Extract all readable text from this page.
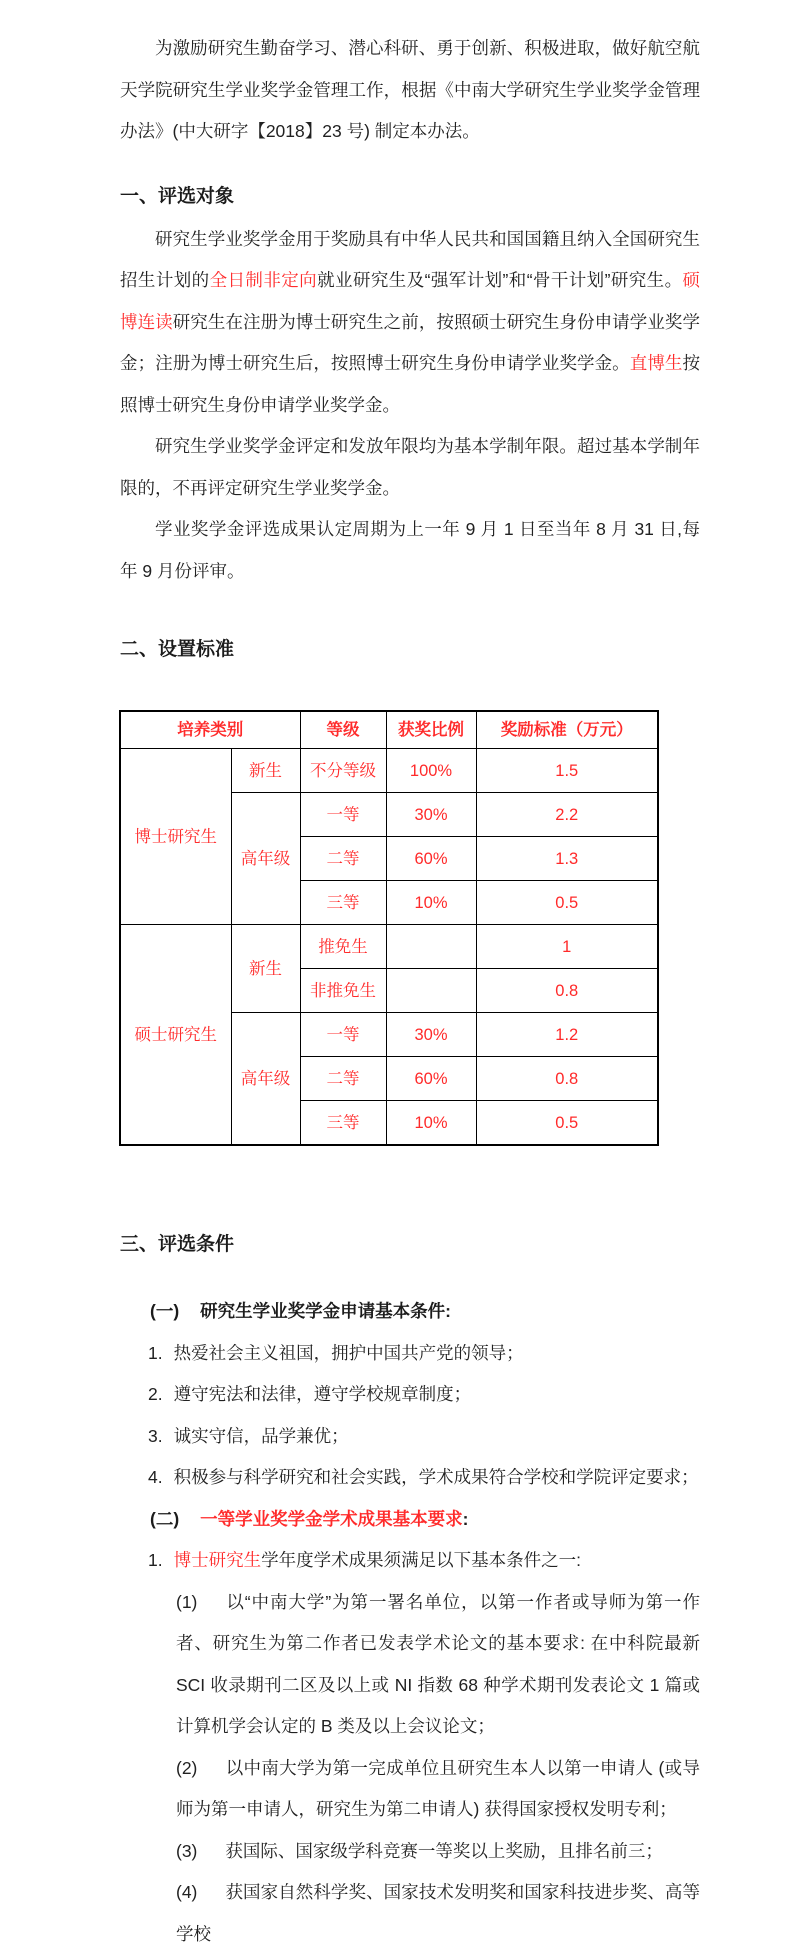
为激励研究生勤奋学习、潜心科研、勇于创新、积极进取，做好航空航天学院研究生学业奖学金管理工作，根据《中南大学研究生学业奖学金管理办法》(中大研字【2018】23 号) 制定本办法。

一、评选对象

研究生学业奖学金用于奖励具有中华人民共和国国籍且纳入全国研究生招生计划的全日制非定向就业研究生及“强军计划”和“骨干计划”研究生。硕博连读研究生在注册为博士研究生之前，按照硕士研究生身份申请学业奖学金；注册为博士研究生后，按照博士研究生身份申请学业奖学金。直博生按照博士研究生身份申请学业奖学金。

研究生学业奖学金评定和发放年限均为基本学制年限。超过基本学制年限的，不再评定研究生学业奖学金。

学业奖学金评选成果认定周期为上一年 9 月 1 日至当年 8 月 31 日,每年 9 月份评审。

二、设置标准

培养类别		等级	获奖比例	奖励标准（万元）
博士研究生	新生	不分等级	100%	1.5
	高年级	一等	30%	2.2
		二等	60%	1.3
		三等	10%	0.5
硕士研究生	新生	推免生		1
		非推免生		0.8
	高年级	一等	30%	1.2
		二等	60%	0.8
		三等	10%	0.5

三、评选条件

(一) 研究生学业奖学金申请基本条件:

1. 热爱社会主义祖国，拥护中国共产党的领导；

2. 遵守宪法和法律，遵守学校规章制度；

3. 诚实守信，品学兼优；

4. 积极参与科学研究和社会实践，学术成果符合学校和学院评定要求；

(二) 一等学业奖学金学术成果基本要求:

1. 博士研究生学年度学术成果须满足以下基本条件之一:

(1) 以“中南大学”为第一署名单位，以第一作者或导师为第一作者、研究生为第二作者已发表学术论文的基本要求: 在中科院最新 SCI 收录期刊二区及以上或 NI 指数 68 种学术期刊发表论文 1 篇或计算机学会认定的 B 类及以上会议论文；

(2) 以中南大学为第一完成单位且研究生本人以第一申请人 (或导师为第一申请人，研究生为第二申请人) 获得国家授权发明专利；

(3) 获国际、国家级学科竞赛一等奖以上奖励，且排名前三；

(4) 获国家自然科学奖、国家技术发明奖和国家科技进步奖、高等学校
